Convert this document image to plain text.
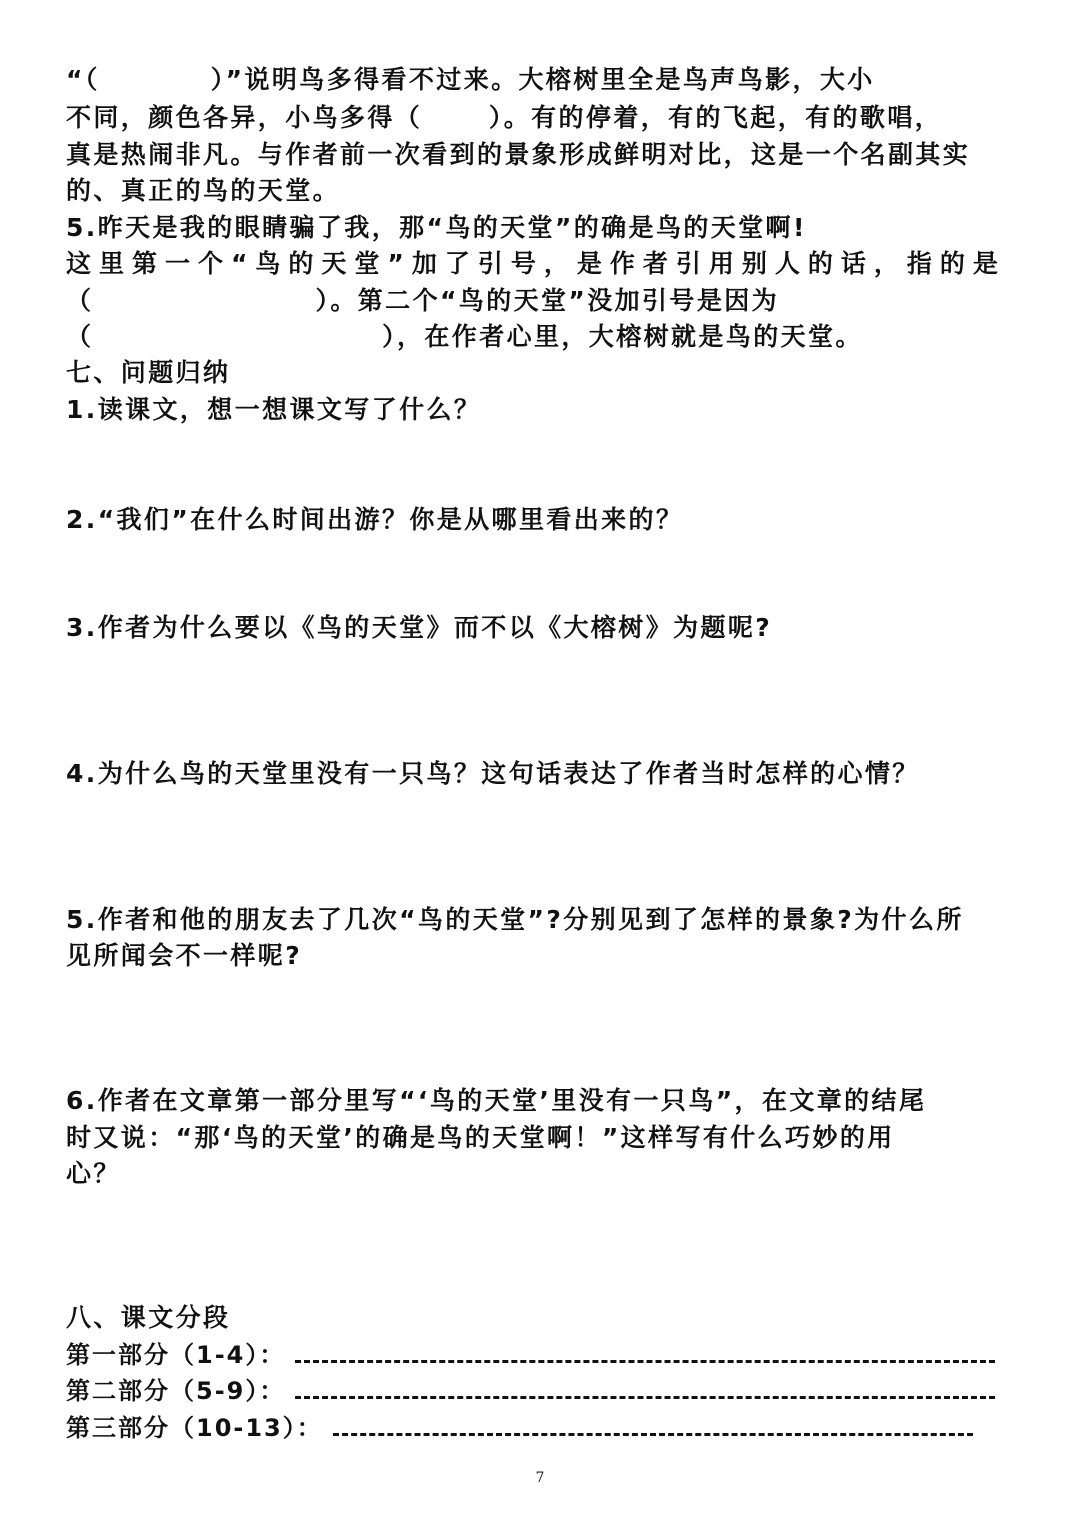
“（          ）”说明鸟多得看不过来。大榕树里全是鸟声鸟影，大小
不同，颜色各异，小鸟多得（      ）。有的停着，有的飞起，有的歌唱，
真是热闹非凡。与作者前一次看到的景象形成鲜明对比，这是一个名副其实
的、真正的鸟的天堂。
5.昨天是我的眼睛骗了我，那“鸟的天堂”的确是鸟的天堂啊!
这里第一个“鸟的天堂”加了引号，是作者引用别人的话，指的是
（                    ）。第二个“鸟的天堂”没加引号是因为
（                          ），在作者心里，大榕树就是鸟的天堂。
七、问题归纳
1.读课文，想一想课文写了什么？
2.“我们”在什么时间出游？你是从哪里看出来的？
3.作者为什么要以《鸟的天堂》而不以《大榕树》为题呢?
4.为什么鸟的天堂里没有一只鸟？这句话表达了作者当时怎样的心情？
5.作者和他的朋友去了几次“鸟的天堂”?分别见到了怎样的景象?为什么所
见所闻会不一样呢?
6.作者在文章第一部分里写“‘鸟的天堂’里没有一只鸟”，在文章的结尾
时又说：“那‘鸟的天堂’的确是鸟的天堂啊！”这样写有什么巧妙的用
心？
八、课文分段
第一部分（1-4）：
第二部分（5-9）：
第三部分（10-13）：
7
